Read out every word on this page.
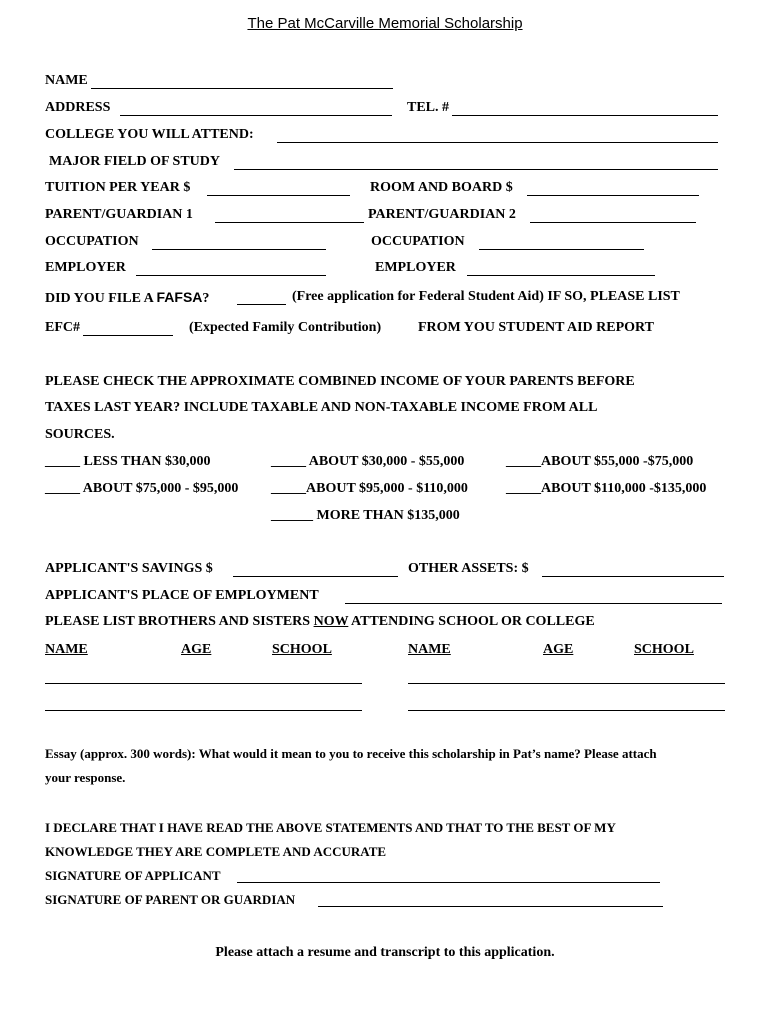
The Pat McCarville Memorial Scholarship
NAME
ADDRESS	TEL. #
COLLEGE YOU WILL ATTEND:
MAJOR FIELD OF STUDY
TUITION PER YEAR $	ROOM AND BOARD $
PARENT/GUARDIAN 1	PARENT/GUARDIAN 2
OCCUPATION	OCCUPATION
EMPLOYER	EMPLOYER
DID YOU FILE A FAFSA?	(Free application for Federal Student Aid) IF SO, PLEASE LIST
EFC#	(Expected Family Contribution)	FROM YOU STUDENT AID REPORT
PLEASE CHECK THE APPROXIMATE COMBINED INCOME OF YOUR PARENTS BEFORE
TAXES LAST YEAR? INCLUDE TAXABLE AND NON-TAXABLE INCOME FROM ALL
SOURCES.
_____ LESS THAN $30,000	_____ ABOUT $30,000 - $55,000	_____ABOUT $55,000 -$75,000
_____ ABOUT $75,000 - $95,000 _____ABOUT $95,000 - $110,000	_____ABOUT $110,000 -$135,000
______ MORE THAN $135,000
APPLICANT'S SAVINGS $	OTHER ASSETS: $
APPLICANT'S PLACE OF EMPLOYMENT
PLEASE LIST BROTHERS AND SISTERS NOW ATTENDING SCHOOL OR COLLEGE
NAME	AGE	SCHOOL	NAME	AGE	SCHOOL
Essay (approx. 300 words): What would it mean to you to receive this scholarship in Pat’s name? Please attach
your response.
I DECLARE THAT I HAVE READ THE ABOVE STATEMENTS AND THAT TO THE BEST OF MY
KNOWLEDGE THEY ARE COMPLETE AND ACCURATE
SIGNATURE OF APPLICANT
SIGNATURE OF PARENT OR GUARDIAN
Please attach a resume and transcript to this application.
